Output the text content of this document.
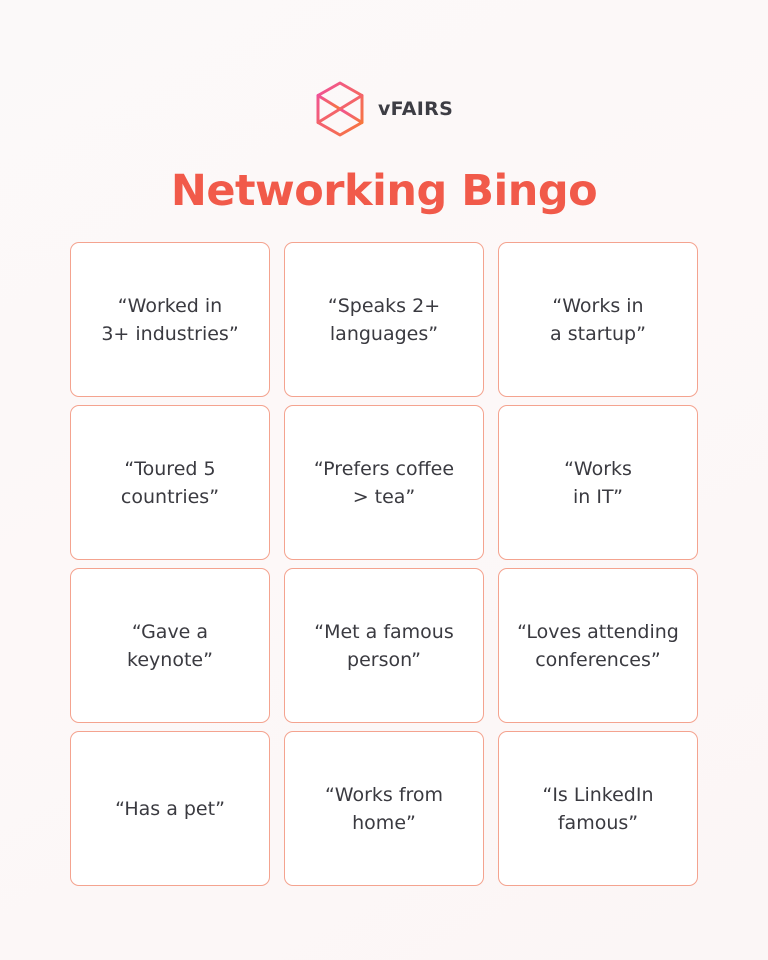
vFAIRS
Networking Bingo
“Worked in
3+ industries”
“Speaks 2+
languages”
“Works in
a startup”
“Toured 5
countries”
“Prefers coffee
> tea”
“Works
in IT”
“Gave a
keynote”
“Met a famous
person”
“Loves attending
conferences”
“Has a pet”
“Works from
home”
“Is LinkedIn
famous”
